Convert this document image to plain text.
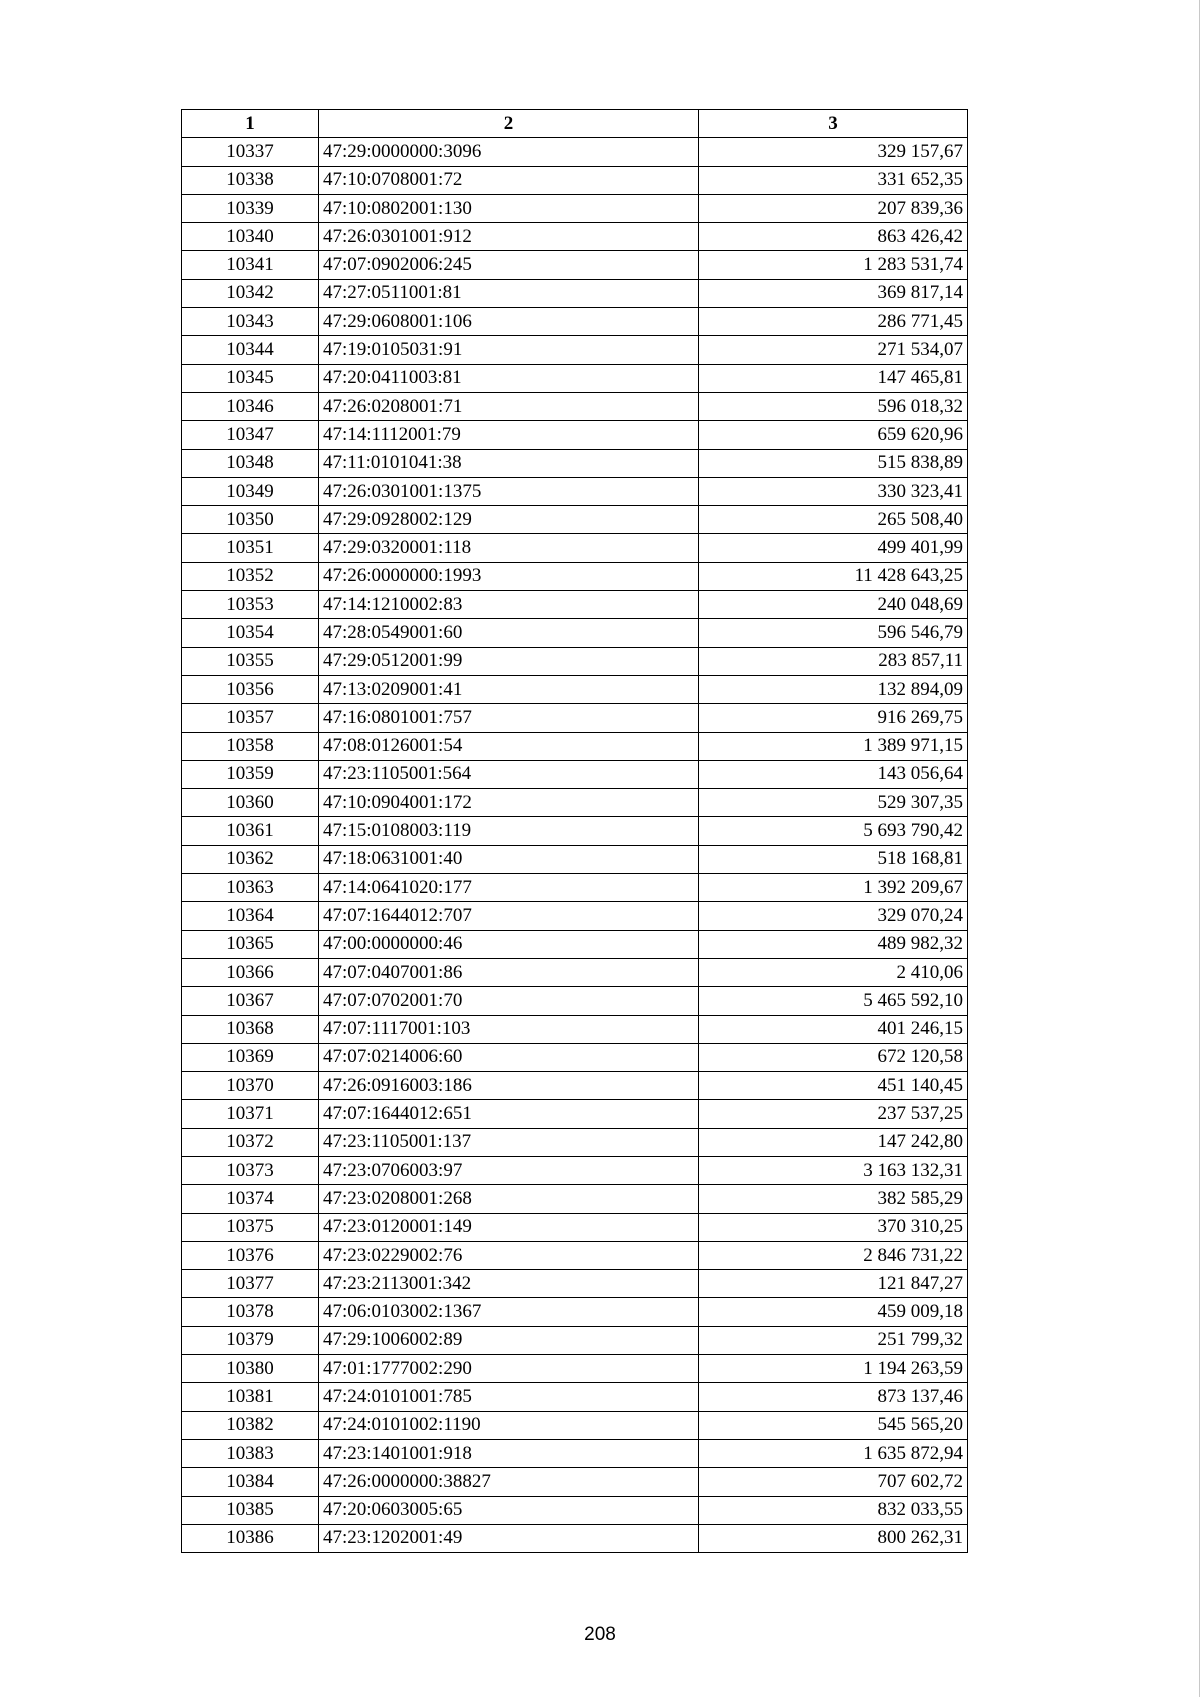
1	2	3
10337	47:29:0000000:3096	329 157,67
10338	47:10:0708001:72	331 652,35
10339	47:10:0802001:130	207 839,36
10340	47:26:0301001:912	863 426,42
10341	47:07:0902006:245	1 283 531,74
10342	47:27:0511001:81	369 817,14
10343	47:29:0608001:106	286 771,45
10344	47:19:0105031:91	271 534,07
10345	47:20:0411003:81	147 465,81
10346	47:26:0208001:71	596 018,32
10347	47:14:1112001:79	659 620,96
10348	47:11:0101041:38	515 838,89
10349	47:26:0301001:1375	330 323,41
10350	47:29:0928002:129	265 508,40
10351	47:29:0320001:118	499 401,99
10352	47:26:0000000:1993	11 428 643,25
10353	47:14:1210002:83	240 048,69
10354	47:28:0549001:60	596 546,79
10355	47:29:0512001:99	283 857,11
10356	47:13:0209001:41	132 894,09
10357	47:16:0801001:757	916 269,75
10358	47:08:0126001:54	1 389 971,15
10359	47:23:1105001:564	143 056,64
10360	47:10:0904001:172	529 307,35
10361	47:15:0108003:119	5 693 790,42
10362	47:18:0631001:40	518 168,81
10363	47:14:0641020:177	1 392 209,67
10364	47:07:1644012:707	329 070,24
10365	47:00:0000000:46	489 982,32
10366	47:07:0407001:86	2 410,06
10367	47:07:0702001:70	5 465 592,10
10368	47:07:1117001:103	401 246,15
10369	47:07:0214006:60	672 120,58
10370	47:26:0916003:186	451 140,45
10371	47:07:1644012:651	237 537,25
10372	47:23:1105001:137	147 242,80
10373	47:23:0706003:97	3 163 132,31
10374	47:23:0208001:268	382 585,29
10375	47:23:0120001:149	370 310,25
10376	47:23:0229002:76	2 846 731,22
10377	47:23:2113001:342	121 847,27
10378	47:06:0103002:1367	459 009,18
10379	47:29:1006002:89	251 799,32
10380	47:01:1777002:290	1 194 263,59
10381	47:24:0101001:785	873 137,46
10382	47:24:0101002:1190	545 565,20
10383	47:23:1401001:918	1 635 872,94
10384	47:26:0000000:38827	707 602,72
10385	47:20:0603005:65	832 033,55
10386	47:23:1202001:49	800 262,31
208
